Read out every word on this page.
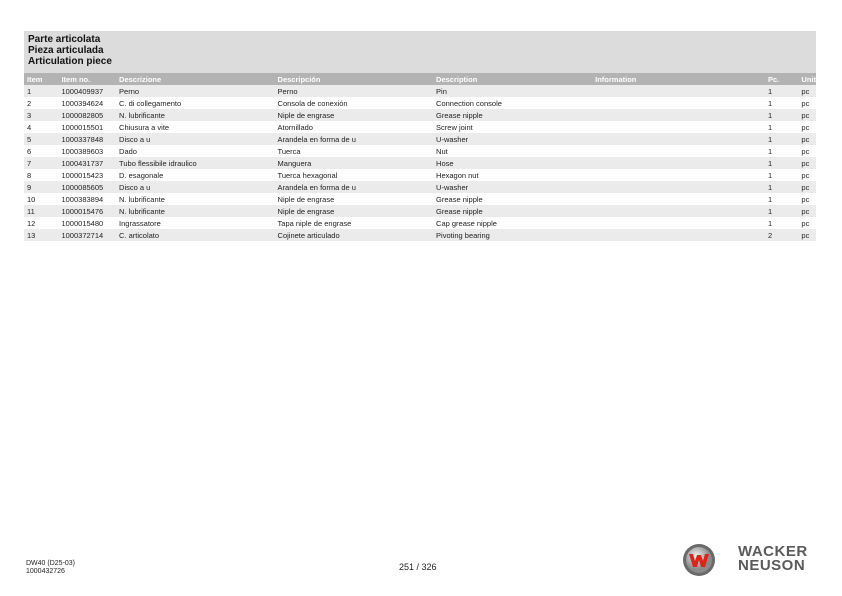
Parte articolata
Pieza articulada
Articulation piece
Item	Item no.	Descrizione	Descripción	Description	Information	Pc.	Unit
1	1000409937	Perno	Perno	Pin		1	pc
2	1000394624	C. di collegamento	Consola de conexión	Connection console		1	pc
3	1000082805	N. lubrificante	Niple de engrase	Grease nipple		1	pc
4	1000015501	Chiusura a vite	Atornillado	Screw joint		1	pc
5	1000337848	Disco a u	Arandela en forma de u	U-washer		1	pc
6	1000389603	Dado	Tuerca	Nut		1	pc
7	1000431737	Tubo flessibile idraulico	Manguera	Hose		1	pc
8	1000015423	D. esagonale	Tuerca hexagonal	Hexagon nut		1	pc
9	1000085605	Disco a u	Arandela en forma de u	U-washer		1	pc
10	1000383894	N. lubrificante	Niple de engrase	Grease nipple		1	pc
11	1000015476	N. lubrificante	Niple de engrase	Grease nipple		1	pc
12	1000015480	Ingrassatore	Tapa niple de engrase	Cap grease nipple		1	pc
13	1000372714	C. articolato	Cojinete articulado	Pivoting bearing		2	pc
DW40 (D25-03)
1000432726	251 / 326
WACKER
NEUSON
